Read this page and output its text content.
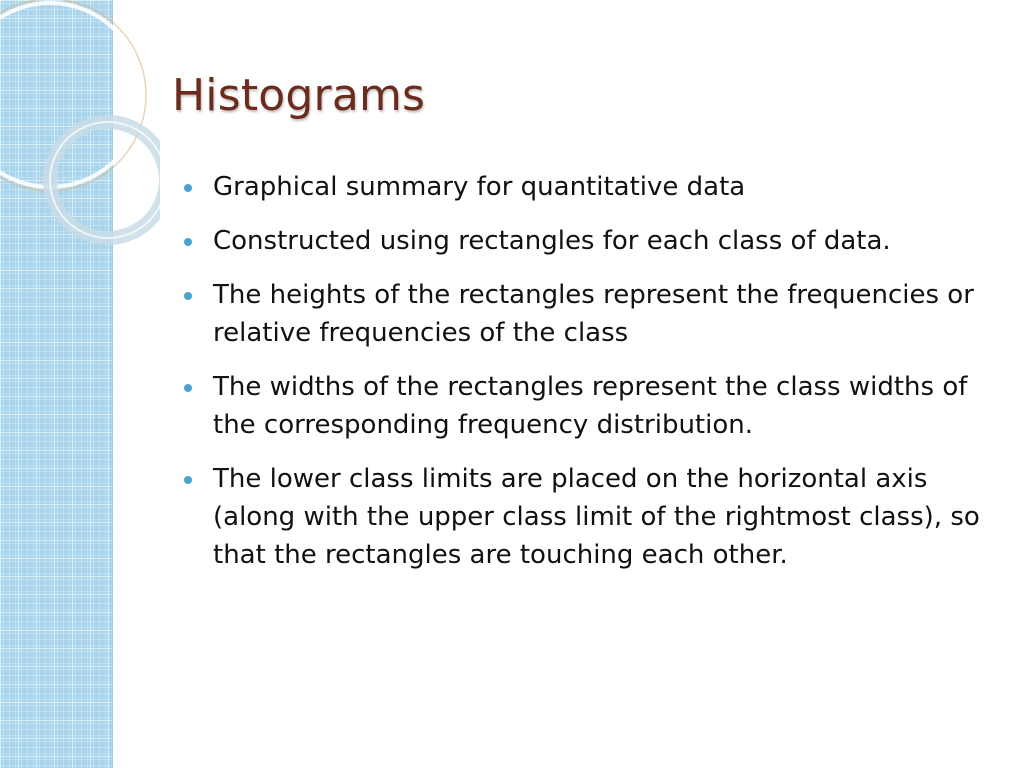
Histograms
Graphical summary for quantitative data
Constructed using rectangles for each class of data.
The heights of the rectangles represent the frequencies or relative frequencies of the class
The widths of the rectangles represent the class widths of the corresponding frequency distribution.
The lower class limits are placed on the horizontal axis (along with the upper class limit of the rightmost class), so that the rectangles are touching each other.
